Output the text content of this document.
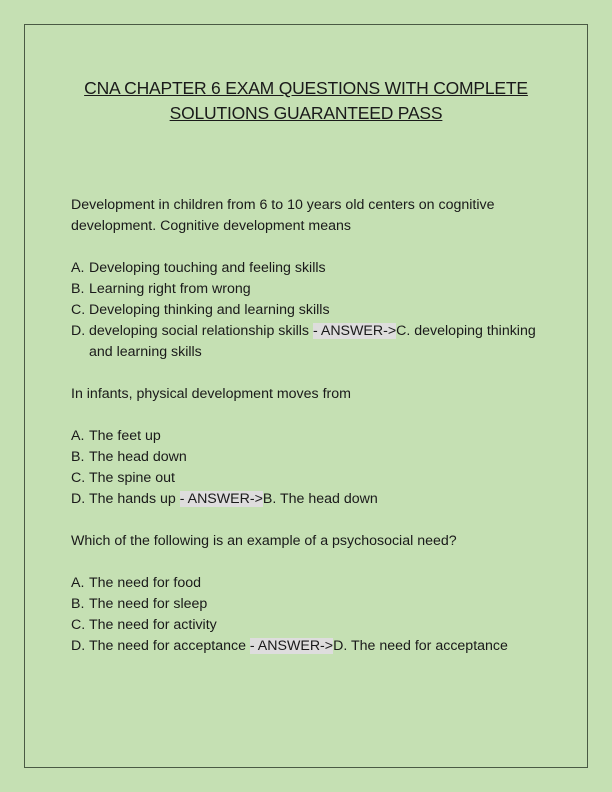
CNA CHAPTER 6 EXAM QUESTIONS WITH COMPLETE
SOLUTIONS GUARANTEED PASS
Development in children from 6 to 10 years old centers on cognitive development. Cognitive development means
A. Developing touching and feeling skills
B. Learning right from wrong
C. Developing thinking and learning skills
D. developing social relationship skills - ANSWER->C. developing thinking and learning skills
In infants, physical development moves from
A. The feet up
B. The head down
C. The spine out
D. The hands up - ANSWER->B. The head down
Which of the following is an example of a psychosocial need?
A. The need for food
B. The need for sleep
C. The need for activity
D. The need for acceptance - ANSWER->D. The need for acceptance
